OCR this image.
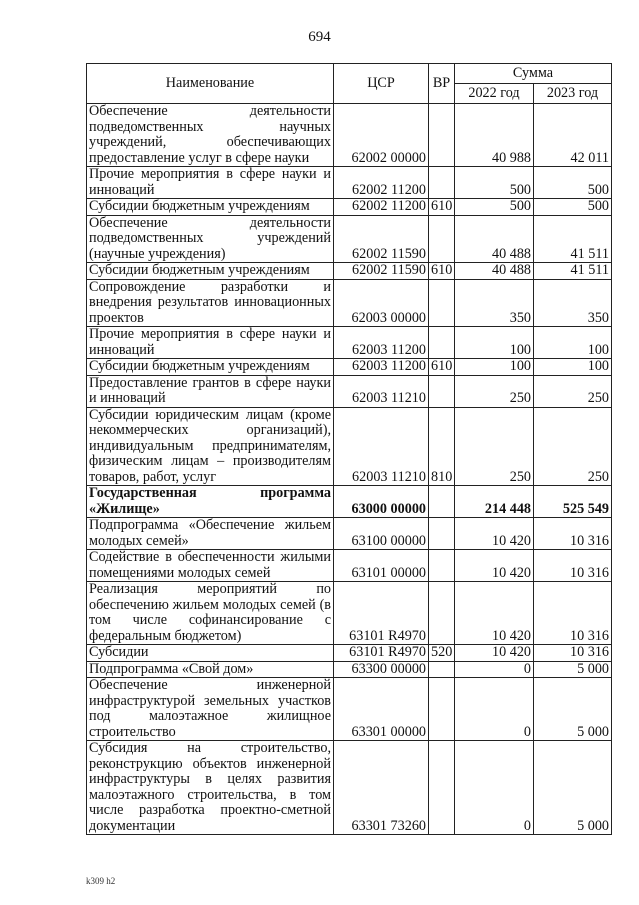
694
Наименование	ЦСР	ВР	Сумма	
			2022 год	2023 год
Обеспечение деятельности подведомственных научных учреждений, обеспечивающих предоставление услуг в сфере науки	62002 00000		40 988	42 011
Прочие мероприятия в сфере науки и инноваций	62002 11200		500	500
Субсидии бюджетным учреждениям	62002 11200	610	500	500
Обеспечение деятельности подведомственных учреждений (научные учреждения)	62002 11590		40 488	41 511
Субсидии бюджетным учреждениям	62002 11590	610	40 488	41 511
Сопровождение разработки и внедрения результатов инновационных проектов	62003 00000		350	350
Прочие мероприятия в сфере науки и инноваций	62003 11200		100	100
Субсидии бюджетным учреждениям	62003 11200	610	100	100
Предоставление грантов в сфере науки и инноваций	62003 11210		250	250
Субсидии юридическим лицам (кроме некоммерческих организаций), индивидуальным предпринимателям, физическим лицам – производителям товаров, работ, услуг	62003 11210	810	250	250
Государственная программа «Жилище»	63000 00000		214 448	525 549
Подпрограмма «Обеспечение жильем молодых семей»	63100 00000		10 420	10 316
Содействие в обеспеченности жилыми помещениями молодых семей	63101 00000		10 420	10 316
Реализация мероприятий по обеспечению жильем молодых семей (в том числе софинансирование с федеральным бюджетом)	63101 R4970		10 420	10 316
Субсидии	63101 R4970	520	10 420	10 316
Подпрограмма «Свой дом»	63300 00000		0	5 000
Обеспечение инженерной инфраструктурой земельных участков под малоэтажное жилищное строительство	63301 00000		0	5 000
Субсидия на строительство, реконструкцию объектов инженерной инфраструктуры в целях развития малоэтажного строительства, в том числе разработка проектно-сметной документации	63301 73260		0	5 000
k309 h2
